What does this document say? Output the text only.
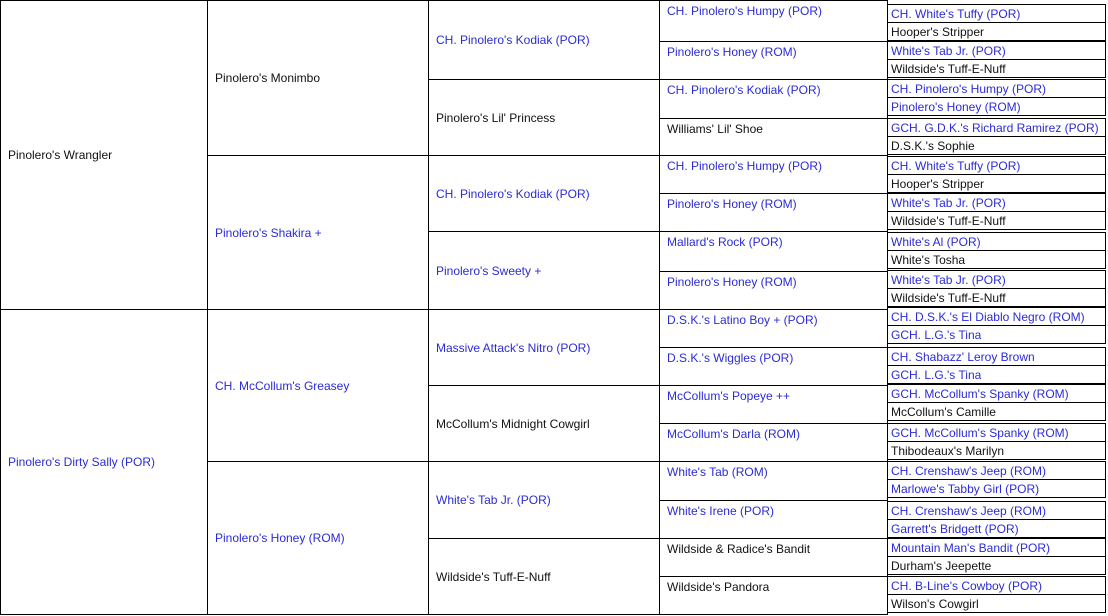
Pinolero's Wrangler
Pinolero's Dirty Sally (POR)
Pinolero's Monimbo
Pinolero's Shakira +
CH. McCollum's Greasey
Pinolero's Honey (ROM)
CH. Pinolero's Kodiak (POR)
Pinolero's Lil' Princess
CH. Pinolero's Kodiak (POR)
Pinolero's Sweety +
Massive Attack's Nitro (POR)
McCollum's Midnight Cowgirl
White's Tab Jr. (POR)
Wildside's Tuff-E-Nuff
CH. Pinolero's Humpy (POR)
Pinolero's Honey (ROM)
CH. Pinolero's Kodiak (POR)
Williams' Lil' Shoe
CH. Pinolero's Humpy (POR)
Pinolero's Honey (ROM)
Mallard's Rock (POR)
Pinolero's Honey (ROM)
D.S.K.'s Latino Boy + (POR)
D.S.K.'s Wiggles (POR)
McCollum's Popeye ++
McCollum's Darla (ROM)
White's Tab (ROM)
White's Irene (POR)
Wildside & Radice's Bandit
Wildside's Pandora
CH. White's Tuffy (POR)
Hooper's Stripper
White's Tab Jr. (POR)
Wildside's Tuff-E-Nuff
CH. Pinolero's Humpy (POR)
Pinolero's Honey (ROM)
GCH. G.D.K.'s Richard Ramirez (POR)
D.S.K.'s Sophie
CH. White's Tuffy (POR)
Hooper's Stripper
White's Tab Jr. (POR)
Wildside's Tuff-E-Nuff
White's Al (POR)
White's Tosha
White's Tab Jr. (POR)
Wildside's Tuff-E-Nuff
CH. D.S.K.'s El Diablo Negro (ROM)
GCH. L.G.'s Tina
CH. Shabazz' Leroy Brown
GCH. L.G.'s Tina
GCH. McCollum's Spanky (ROM)
McCollum's Camille
GCH. McCollum's Spanky (ROM)
Thibodeaux's Marilyn
CH. Crenshaw's Jeep (ROM)
Marlowe's Tabby Girl (POR)
CH. Crenshaw's Jeep (ROM)
Garrett's Bridgett (POR)
Mountain Man's Bandit (POR)
Durham's Jeepette
CH. B-Line's Cowboy (POR)
Wilson's Cowgirl
